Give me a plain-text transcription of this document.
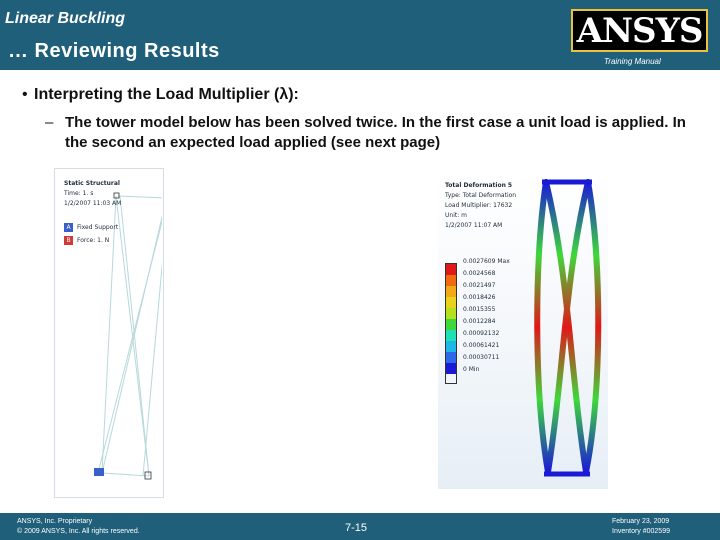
Linear Buckling
… Reviewing Results
ANSYS
Training Manual
• Interpreting the Load Multiplier (λ):
– The tower model below has been solved twice. In the first case a unit load is applied. In the second an expected load applied (see next page)
Static Structural
Time: 1. s
1/2/2007 11:03 AM
A	Fixed Support
B	Force: 1. N
Total Deformation 5
Type: Total Deformation
Load Multiplier: 17632
Unit: m
1/2/2007 11:07 AM
0.0027609 Max
0.0024568
0.0021497
0.0018426
0.0015355
0.0012284
0.00092132
0.00061421
0.00030711
0 Min
ANSYS, Inc. Proprietary
© 2009 ANSYS, Inc. All rights reserved.
February 23, 2009
Inventory #002599
7-15
